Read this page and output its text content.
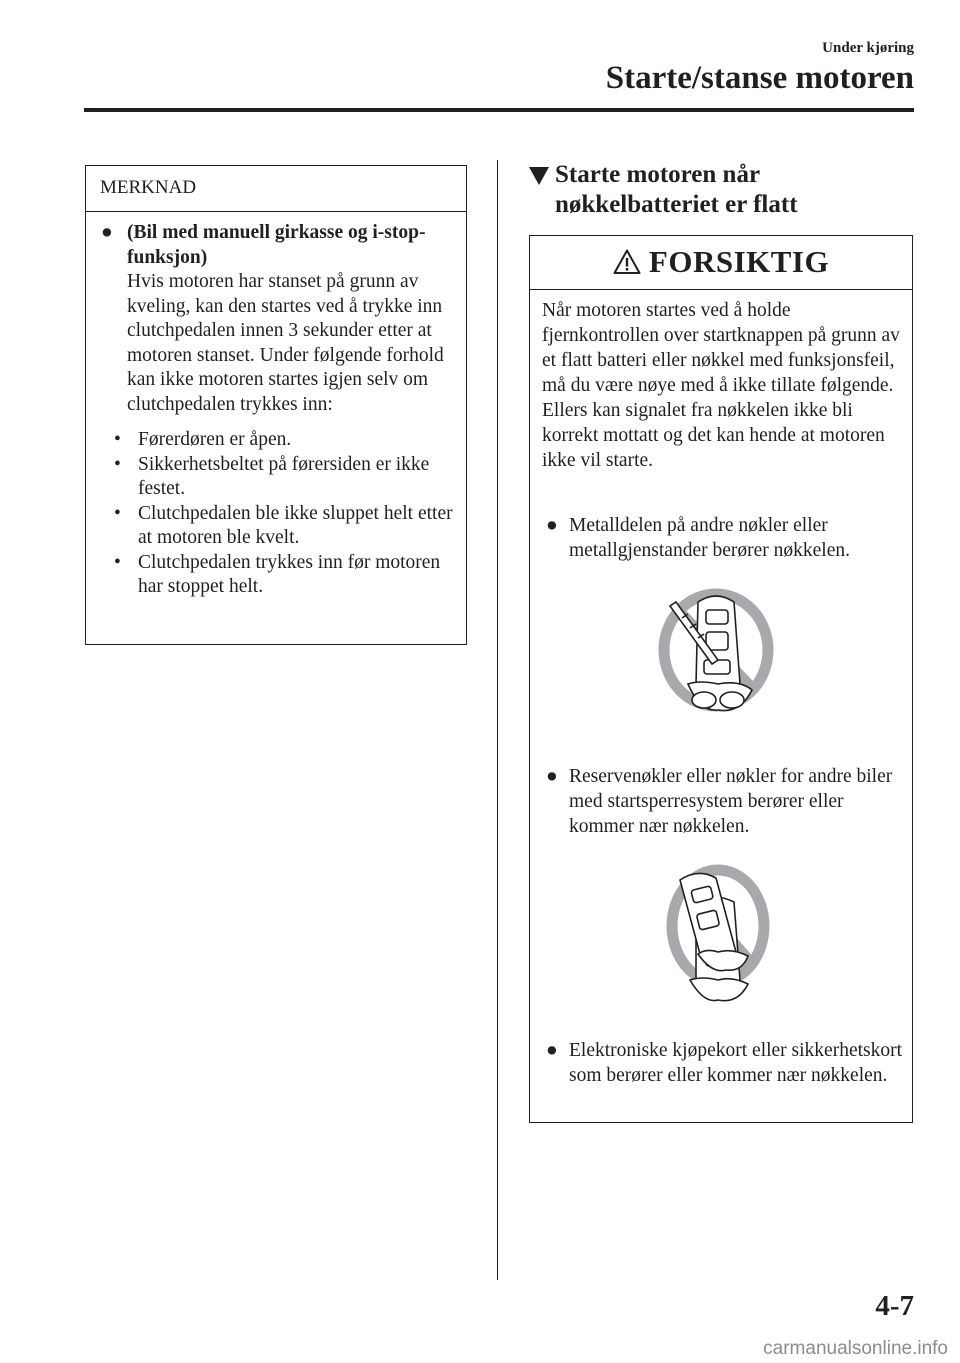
Under kjøring
Starte/stanse motoren
MERKNAD
● (Bil med manuell girkasse og i-stop-funksjon)
Hvis motoren har stanset på grunn av kveling, kan den startes ved å trykke inn clutchpedalen innen 3 sekunder etter at motoren stanset. Under følgende forhold kan ikke motoren startes igjen selv om clutchpedalen trykkes inn:
• Førerdøren er åpen.
• Sikkerhetsbeltet på førersiden er ikke festet.
• Clutchpedalen ble ikke sluppet helt etter at motoren ble kvelt.
• Clutchpedalen trykkes inn før motoren har stoppet helt.
Starte motoren når nøkkelbatteriet er flatt
FORSIKTIG
Når motoren startes ved å holde fjernkontrollen over startknappen på grunn av et flatt batteri eller nøkkel med funksjonsfeil, må du være nøye med å ikke tillate følgende. Ellers kan signalet fra nøkkelen ikke bli korrekt mottatt og det kan hende at motoren ikke vil starte.
● Metalldelen på andre nøkler eller metallgjenstander berører nøkkelen.
● Reservenøkler eller nøkler for andre biler med startsperresystem berører eller kommer nær nøkkelen.
● Elektroniske kjøpekort eller sikkerhetskort som berører eller kommer nær nøkkelen.
4-7
carmanualsonline.info
